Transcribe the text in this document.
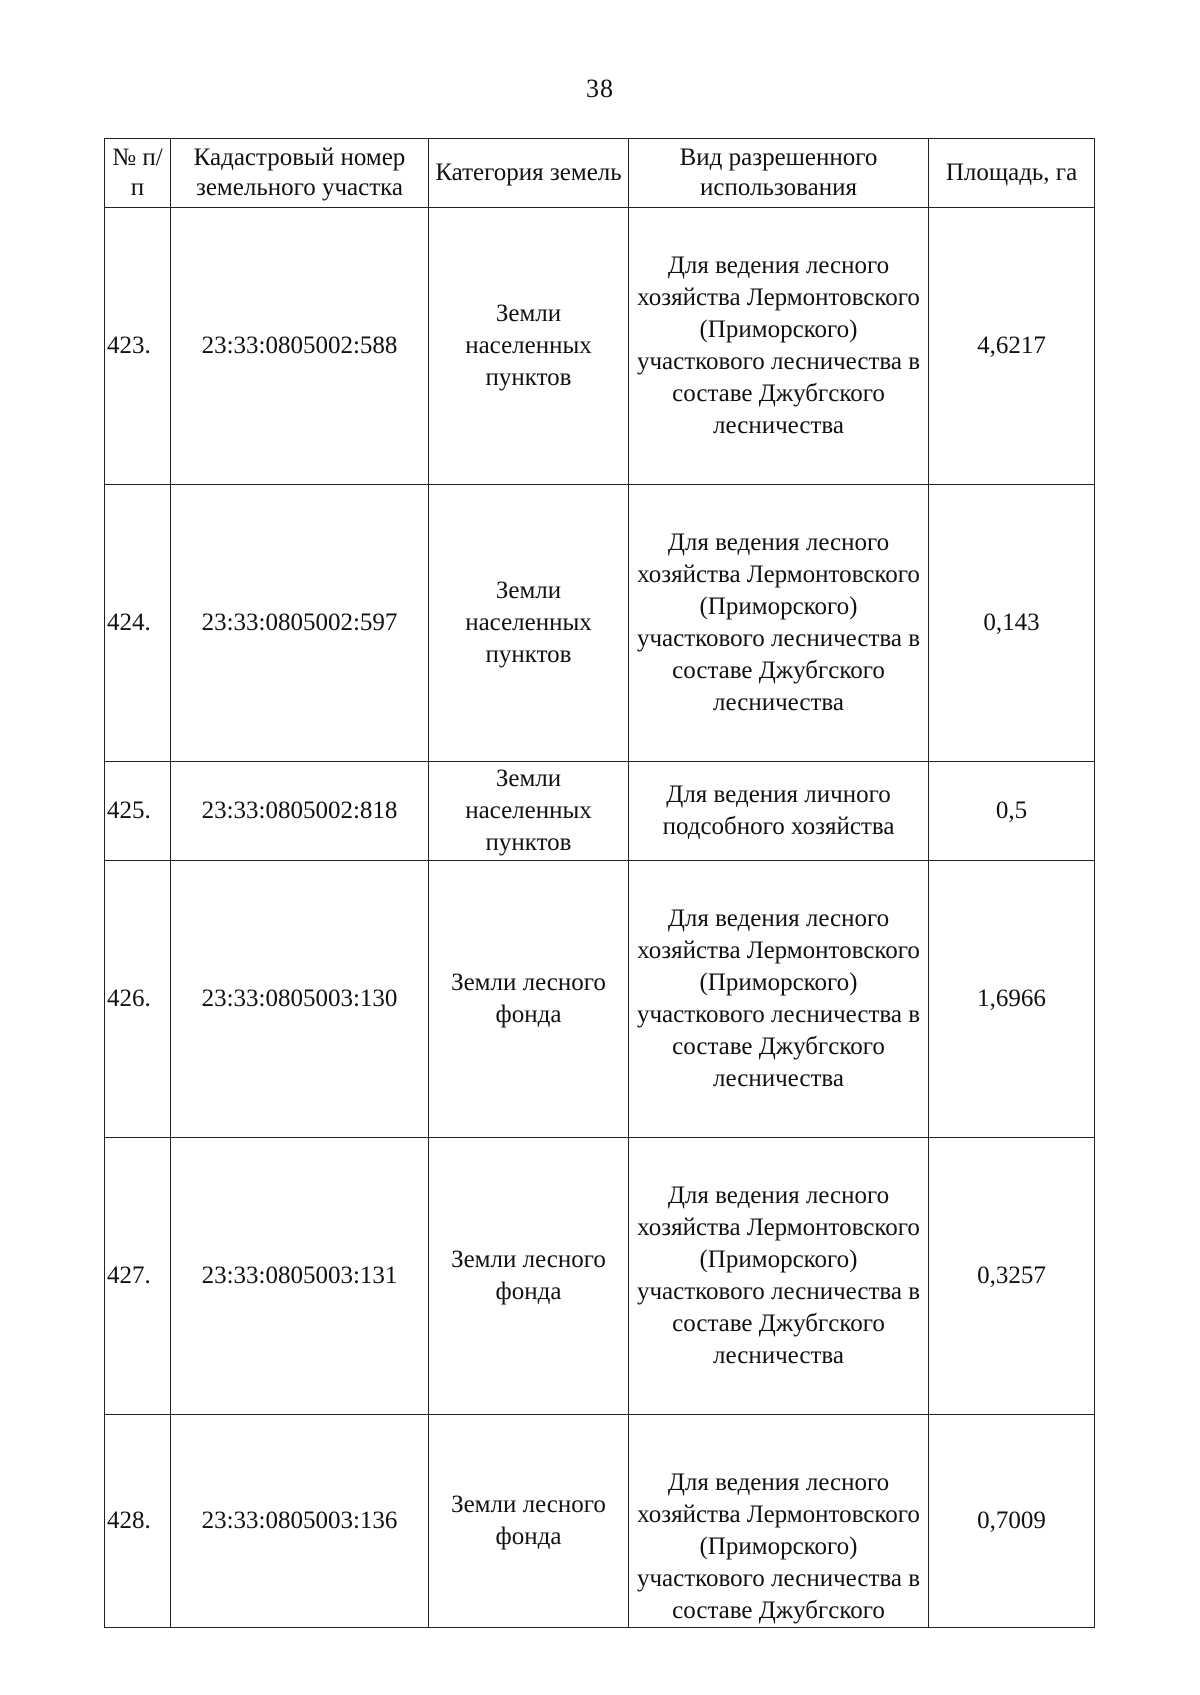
38
№ п/п	Кадастровый номер земельного участка	Категория земель	Вид разрешенного использования	Площадь, га
423.	23:33:0805002:588	Земли населенных пунктов	Для ведения лесного хозяйства Лермонтовского (Приморского) участкового лесничества в составе Джубгского лесничества	4,6217
424.	23:33:0805002:597	Земли населенных пунктов	Для ведения лесного хозяйства Лермонтовского (Приморского) участкового лесничества в составе Джубгского лесничества	0,143
425.	23:33:0805002:818	Земли населенных пунктов	Для ведения личного подсобного хозяйства	0,5
426.	23:33:0805003:130	Земли лесного фонда	Для ведения лесного хозяйства Лермонтовского (Приморского) участкового лесничества в составе Джубгского лесничества	1,6966
427.	23:33:0805003:131	Земли лесного фонда	Для ведения лесного хозяйства Лермонтовского (Приморского) участкового лесничества в составе Джубгского лесничества	0,3257
428.	23:33:0805003:136	Земли лесного фонда	Для ведения лесного хозяйства Лермонтовского (Приморского) участкового лесничества в составе Джубгского	0,7009
